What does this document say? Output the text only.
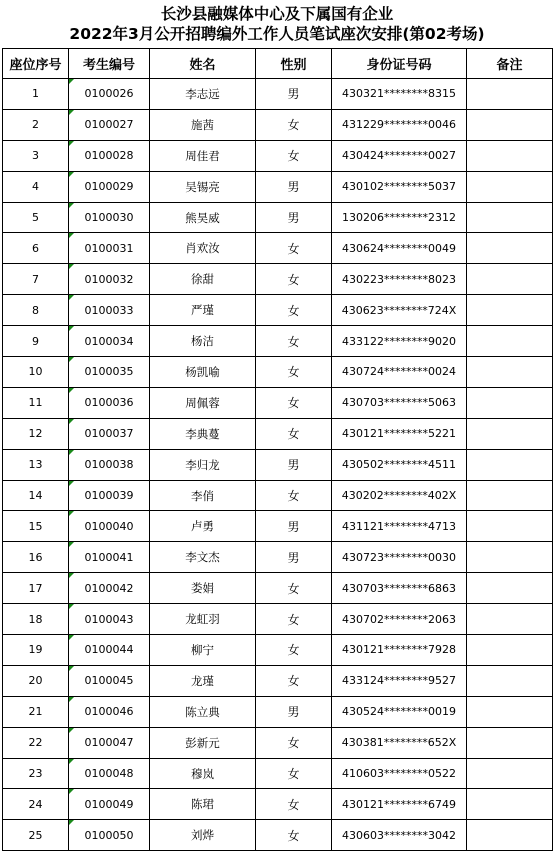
长沙县融媒体中心及下属国有企业
2022年3月公开招聘编外工作人员笔试座次安排(第02考场)
座位序号	考生编号	姓名	性别	身份证号码	备注
1	0100026	李志远	男	430321********8315	
2	0100027	施茜	女	431229********0046	
3	0100028	周佳君	女	430424********0027	
4	0100029	吴锡亮	男	430102********5037	
5	0100030	熊昊威	男	130206********2312	
6	0100031	肖欢汝	女	430624********0049	
7	0100032	徐甜	女	430223********8023	
8	0100033	严瑾	女	430623********724X	
9	0100034	杨洁	女	433122********9020	
10	0100035	杨凯喻	女	430724********0024	
11	0100036	周佩蓉	女	430703********5063	
12	0100037	李典蔓	女	430121********5221	
13	0100038	李归龙	男	430502********4511	
14	0100039	李俏	女	430202********402X	
15	0100040	卢勇	男	431121********4713	
16	0100041	李文杰	男	430723********0030	
17	0100042	娄娟	女	430703********6863	
18	0100043	龙虹羽	女	430702********2063	
19	0100044	柳宁	女	430121********7928	
20	0100045	龙瑾	女	433124********9527	
21	0100046	陈立典	男	430524********0019	
22	0100047	彭新元	女	430381********652X	
23	0100048	穆岚	女	410603********0522	
24	0100049	陈珺	女	430121********6749	
25	0100050	刘烨	女	430603********3042	
